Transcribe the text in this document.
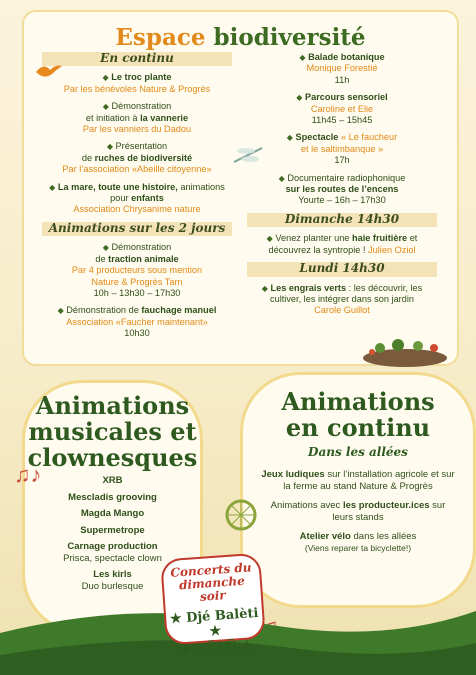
Espace biodiversité
En continu
◆ Le troc plante
Par les bénévoles Nature & Progrès
◆ Démonstration
et initiation à la vannerie
Par les vanniers du Dadou
◆ Présentation
de ruches de biodiversité
Par l’association «Abeille citoyenne»
◆ La mare, toute une histoire, animations
pour enfants
Association Chrysanime nature
Animations sur les 2 jours
◆ Démonstration
de traction animale
Par 4 producteurs sous mention
Nature & Progrès Tarn
10h – 13h30 – 17h30
◆ Démonstration de fauchage manuel
Association «Faucher maintenant»
10h30
◆ Balade botanique
Monique Forestié
11h
◆ Parcours sensoriel
Caroline et Elie
11h45 – 15h45
◆ Spectacle « Le faucheur
et le saltimbanque »
17h
◆ Documentaire radiophonique
sur les routes de l’encens
Yourte – 16h – 17h30
Dimanche 14h30
◆ Venez planter une haie fruitière et découvrez la syntropie ! Julien Oziol
Lundi 14h30
◆ Les engrais verts : les découvrir, les cultiver, les intégrer dans son jardin
Carole Guillot
Animations
musicales et
clownesques
XRB
Mescladis grooving
Magda Mango
Supermetrope
Carnage production
Prisca, spectacle clown
Les kirls
Duo burlesque
Animations
en continu
Dans les allées
Jeux ludiques sur l’installation agricole et sur la ferme au stand Nature & Progrès
Animations avec les producteur.ices sur leurs stands
Atelier vélo dans les allées
(Viens reparer ta bicyclette!)
♫♪
Concerts du dimanche soir
★ Djé Balèti ★
★ FÜLÜ ★
